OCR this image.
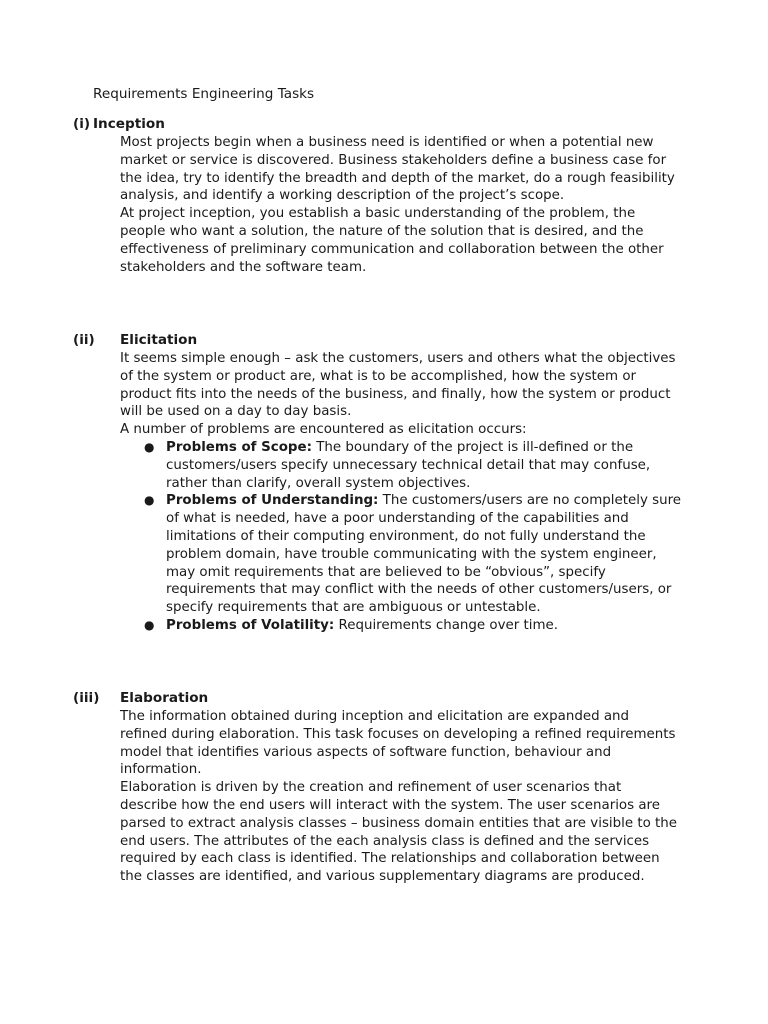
Requirements Engineering Tasks
(i) Inception

Most projects begin when a business need is identified or when a potential new market or service is discovered. Business stakeholders define a business case for the idea, try to identify the breadth and depth of the market, do a rough feasibility analysis, and identify a working description of the project’s scope.

At project inception, you establish a basic understanding of the problem, the people who want a solution, the nature of the solution that is desired, and the effectiveness of preliminary communication and collaboration between the other stakeholders and the software team.

(ii) Elicitation

It seems simple enough – ask the customers, users and others what the objectives of the system or product are, what is to be accomplished, how the system or product fits into the needs of the business, and finally, how the system or product will be used on a day to day basis.

A number of problems are encountered as elicitation occurs:

● Problems of Scope: The boundary of the project is ill-defined or the customers/users specify unnecessary technical detail that may confuse, rather than clarify, overall system objectives.
● Problems of Understanding: The customers/users are no completely sure of what is needed, have a poor understanding of the capabilities and limitations of their computing environment, do not fully understand the problem domain, have trouble communicating with the system engineer, may omit requirements that are believed to be “obvious”, specify requirements that may conflict with the needs of other customers/users, or specify requirements that are ambiguous or untestable.
● Problems of Volatility: Requirements change over time.
(iii) Elaboration

The information obtained during inception and elicitation are expanded and refined during elaboration. This task focuses on developing a refined requirements model that identifies various aspects of software function, behaviour and information.

Elaboration is driven by the creation and refinement of user scenarios that describe how the end users will interact with the system. The user scenarios are parsed to extract analysis classes – business domain entities that are visible to the end users. The attributes of the each analysis class is defined and the services required by each class is identified. The relationships and collaboration between the classes are identified, and various supplementary diagrams are produced.
